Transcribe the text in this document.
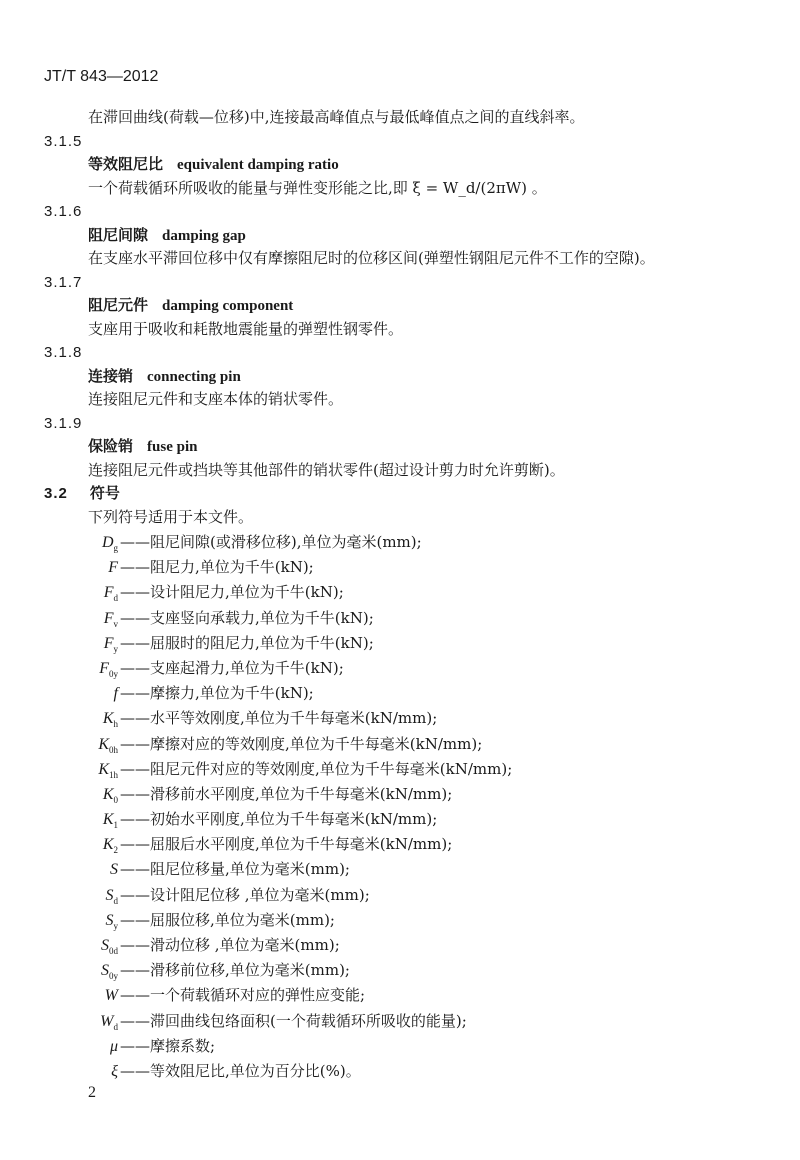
JT/T 843—2012
在滞回曲线(荷载—位移)中,连接最高峰值点与最低峰值点之间的直线斜率。
3.1.5
等效阻尼比 equivalent damping ratio
一个荷载循环所吸收的能量与弹性变形能之比,即 ξ = W_d/(2πW) 。
3.1.6
阻尼间隙 damping gap
在支座水平滞回位移中仅有摩擦阻尼时的位移区间(弹塑性钢阻尼元件不工作的空隙)。
3.1.7
阻尼元件 damping component
支座用于吸收和耗散地震能量的弹塑性钢零件。
3.1.8
连接销 connecting pin
连接阻尼元件和支座本体的销状零件。
3.1.9
保险销 fuse pin
连接阻尼元件或挡块等其他部件的销状零件(超过设计剪力时允许剪断)。
3.2 符号
下列符号适用于本文件。
$D_g$ ——阻尼间隙(或滑移位移),单位为毫米(mm);
F ——阻尼力,单位为千牛(kN);
$F_d$ ——设计阻尼力,单位为千牛(kN);
$F_v$ ——支座竖向承载力,单位为千牛(kN);
$F_y$ ——屈服时的阻尼力,单位为千牛(kN);
$F_{0y}$ ——支座起滑力,单位为千牛(kN);
f ——摩擦力,单位为千牛(kN);
$K_h$ ——水平等效刚度,单位为千牛每毫米(kN/mm);
$K_{0h}$ ——摩擦对应的等效刚度,单位为千牛每毫米(kN/mm);
$K_{1h}$ ——阻尼元件对应的等效刚度,单位为千牛每毫米(kN/mm);
$K_0$ ——滑移前水平刚度,单位为千牛每毫米(kN/mm);
$K_1$ ——初始水平刚度,单位为千牛每毫米(kN/mm);
$K_2$ ——屈服后水平刚度,单位为千牛每毫米(kN/mm);
S ——阻尼位移量,单位为毫米(mm);
$S_d$ ——设计阻尼位移 ,单位为毫米(mm);
$S_y$ ——屈服位移,单位为毫米(mm);
$S_{0d}$ ——滑动位移 ,单位为毫米(mm);
$S_{0y}$ ——滑移前位移,单位为毫米(mm);
W ——一个荷载循环对应的弹性应变能;
$W_d$ ——滞回曲线包络面积(一个荷载循环所吸收的能量);
μ ——摩擦系数;
ξ ——等效阻尼比,单位为百分比(%)。
2
